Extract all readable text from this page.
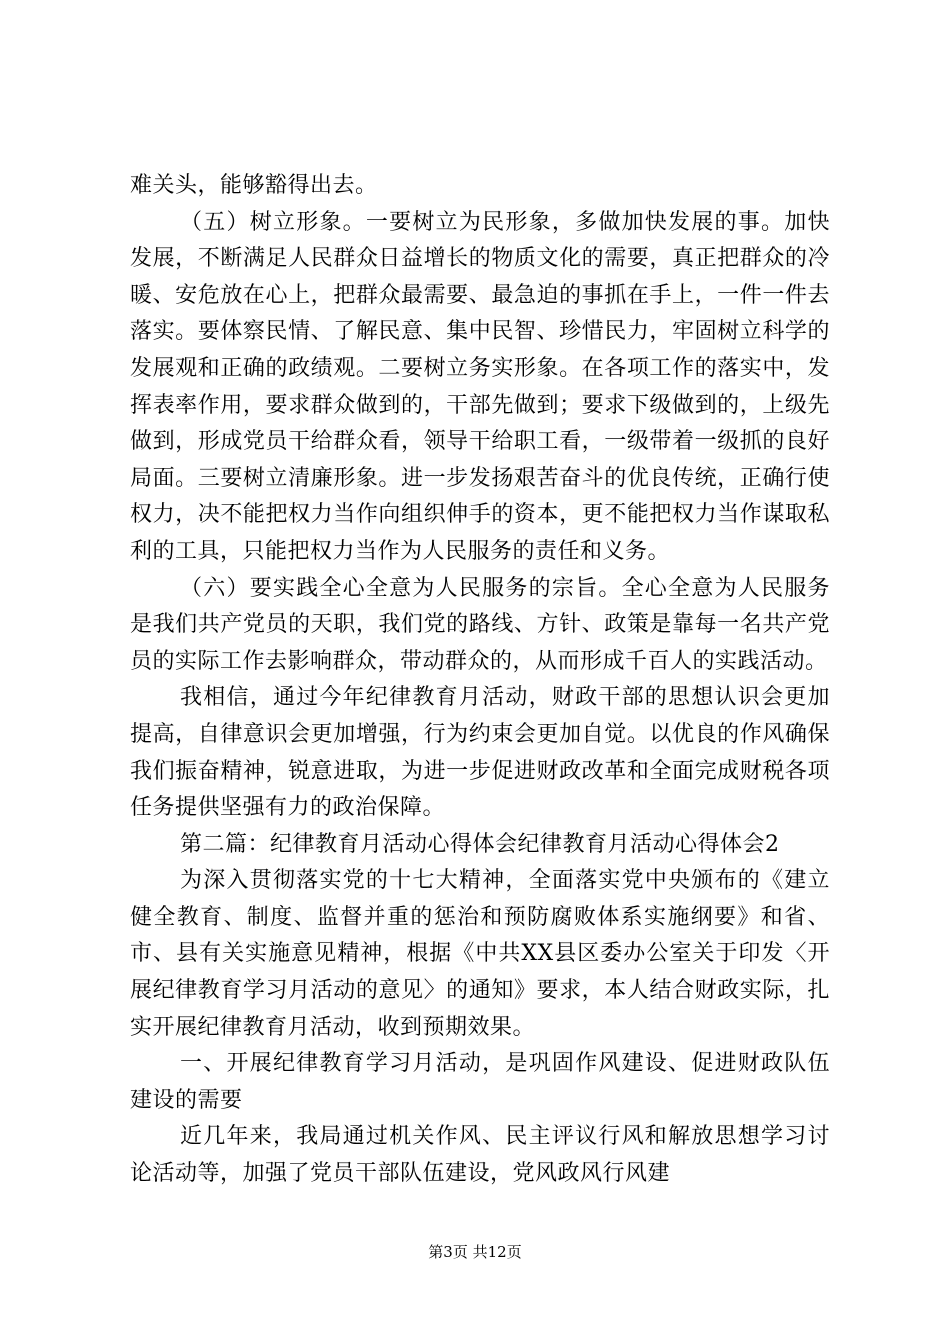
难关头，能够豁得出去。

（五）树立形象。一要树立为民形象，多做加快发展的事。加快发展，不断满足人民群众日益增长的物质文化的需要，真正把群众的冷暖、安危放在心上，把群众最需要、最急迫的事抓在手上，一件一件去落实。要体察民情、了解民意、集中民智、珍惜民力，牢固树立科学的发展观和正确的政绩观。二要树立务实形象。在各项工作的落实中，发挥表率作用，要求群众做到的，干部先做到；要求下级做到的，上级先做到，形成党员干给群众看，领导干给职工看，一级带着一级抓的良好局面。三要树立清廉形象。进一步发扬艰苦奋斗的优良传统，正确行使权力，决不能把权力当作向组织伸手的资本，更不能把权力当作谋取私利的工具，只能把权力当作为人民服务的责任和义务。

（六）要实践全心全意为人民服务的宗旨。全心全意为人民服务是我们共产党员的天职，我们党的路线、方针、政策是靠每一名共产党员的实际工作去影响群众，带动群众的，从而形成千百人的实践活动。

我相信，通过今年纪律教育月活动，财政干部的思想认识会更加提高，自律意识会更加增强，行为约束会更加自觉。以优良的作风确保我们振奋精神，锐意进取，为进一步促进财政改革和全面完成财税各项任务提供坚强有力的政治保障。

第二篇：纪律教育月活动心得体会纪律教育月活动心得体会2

为深入贯彻落实党的十七大精神，全面落实党中央颁布的《建立健全教育、制度、监督并重的惩治和预防腐败体系实施纲要》和省、市、县有关实施意见精神，根据《中共XX县区委办公室关于印发〈开展纪律教育学习月活动的意见〉的通知》要求，本人结合财政实际，扎实开展纪律教育月活动，收到预期效果。

一、开展纪律教育学习月活动，是巩固作风建设、促进财政队伍建设的需要

近几年来，我局通过机关作风、民主评议行风和解放思想学习讨论活动等，加强了党员干部队伍建设，党风政风行风建

第3页 共12页
